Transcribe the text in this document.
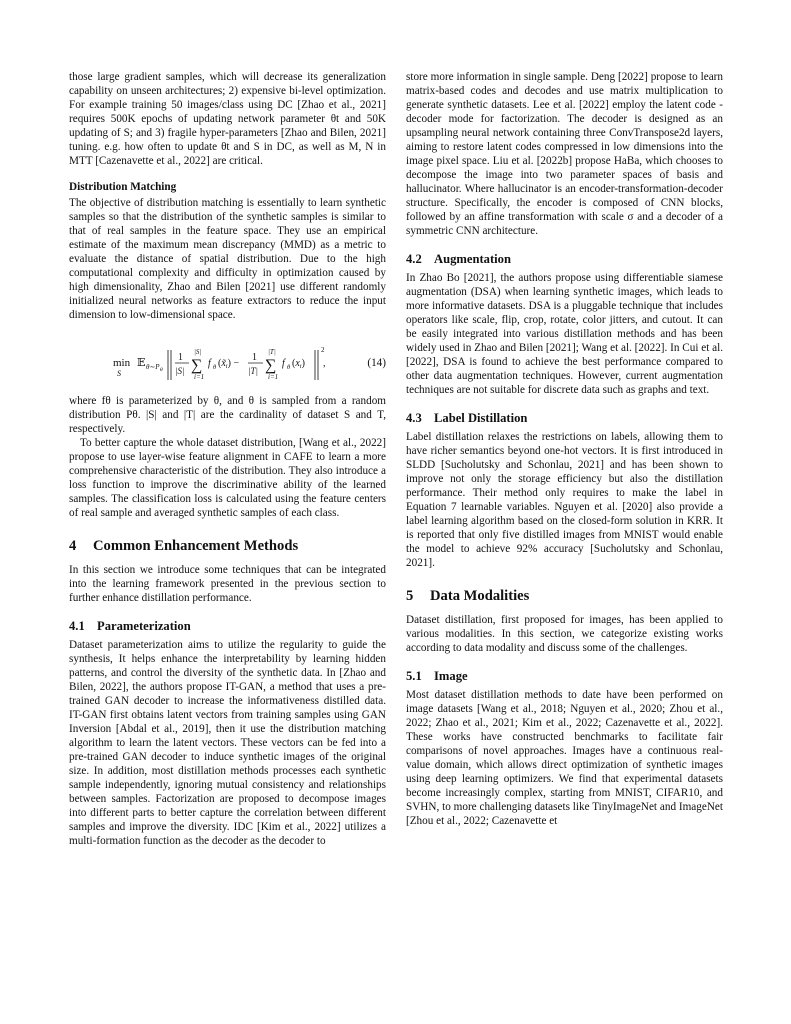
those large gradient samples, which will decrease its generalization capability on unseen architectures; 2) expensive bi-level optimization. For example training 50 images/class using DC [Zhao et al., 2021] requires 500K epochs of updating network parameter θt and 50K updating of S; and 3) fragile hyper-parameters [Zhao and Bilen, 2021] tuning. e.g. how often to update θt and S in DC, as well as M, N in MTT [Cazenavette et al., 2022] are critical.

Distribution Matching

The objective of distribution matching is essentially to learn synthetic samples so that the distribution of the synthetic samples is similar to that of real samples in the feature space. They use an empirical estimate of the maximum mean discrepancy (MMD) as a metric to evaluate the distance of spatial distribution. Due to the high computational complexity and difficulty in optimization caused by high dimensionality, Zhao and Bilen [2021] use different randomly initialized neural networks as feature extractors to reduce the input dimension to low-dimensional space.

min
S
𝔼 θ∼P θ
1
|S|
|S|
∑
i=1
f θ $(x̃_i)$ −
1
|T|
|T|
∑
i=1
f θ $(x_i)$
2
,	(14)

where fθ is parameterized by θ, and θ is sampled from a random distribution Pθ. |S| and |T| are the cardinality of dataset S and T, respectively.

To better capture the whole dataset distribution, [Wang et al., 2022] propose to use layer-wise feature alignment in CAFE to learn a more comprehensive characteristic of the distribution. They also introduce a loss function to improve the discriminative ability of the learned samples. The classification loss is calculated using the feature centers of real sample and averaged synthetic samples of each class.

4 Common Enhancement Methods

In this section we introduce some techniques that can be integrated into the learning framework presented in the previous section to further enhance distillation performance.

4.1 Parameterization

Dataset parameterization aims to utilize the regularity to guide the synthesis, It helps enhance the interpretability by learning hidden patterns, and control the diversity of the synthetic data. In [Zhao and Bilen, 2022], the authors propose IT-GAN, a method that uses a pre-trained GAN decoder to increase the informativeness distilled data. IT-GAN first obtains latent vectors from training samples using GAN Inversion [Abdal et al., 2019], then it use the distribution matching algorithm to learn the latent vectors. These vectors can be fed into a pre-trained GAN decoder to induce synthetic images of the original size. In addition, most distillation methods processes each synthetic sample independently, ignoring mutual consistency and relationships between samples. Factorization are proposed to decompose images into different parts to better capture the correlation between different samples and improve the diversity. IDC [Kim et al., 2022] utilizes a multi-formation function as the decoder as the decoder to

store more information in single sample. Deng [2022] propose to learn matrix-based codes and decodes and use matrix multiplication to generate synthetic datasets. Lee et al. [2022] employ the latent code - decoder mode for factorization. The decoder is designed as an upsampling neural network containing three ConvTranspose2d layers, aiming to restore latent codes compressed in low dimensions into the image pixel space. Liu et al. [2022b] propose HaBa, which chooses to decompose the image into two parameter spaces of basis and hallucinator. Where hallucinator is an encoder-transformation-decoder structure. Specifically, the encoder is composed of CNN blocks, followed by an affine transformation with scale σ and a decoder of a symmetric CNN architecture.

4.2 Augmentation

In Zhao Bo [2021], the authors propose using differentiable siamese augmentation (DSA) when learning synthetic images, which leads to more informative datasets. DSA is a pluggable technique that includes operators like scale, flip, crop, rotate, color jitters, and cutout. It can be easily integrated into various distillation methods and has been widely used in Zhao and Bilen [2021]; Wang et al. [2022]. In Cui et al. [2022], DSA is found to achieve the best performance compared to other data augmentation techniques. However, current augmentation techniques are not suitable for discrete data such as graphs and text.

4.3 Label Distillation

Label distillation relaxes the restrictions on labels, allowing them to have richer semantics beyond one-hot vectors. It is first introduced in SLDD [Sucholutsky and Schonlau, 2021] and has been shown to improve not only the storage efficiency but also the distillation performance. Their method only requires to make the label in Equation 7 learnable variables. Nguyen et al. [2020] also provide a label learning algorithm based on the closed-form solution in KRR. It is reported that only five distilled images from MNIST would enable the model to achieve 92% accuracy [Sucholutsky and Schonlau, 2021].

5 Data Modalities

Dataset distillation, first proposed for images, has been applied to various modalities. In this section, we categorize existing works according to data modality and discuss some of the challenges.

5.1 Image

Most dataset distillation methods to date have been performed on image datasets [Wang et al., 2018; Nguyen et al., 2020; Zhou et al., 2022; Zhao et al., 2021; Kim et al., 2022; Cazenavette et al., 2022]. These works have constructed benchmarks to facilitate fair comparisons of novel approaches. Images have a continuous real-value domain, which allows direct optimization of synthetic images using deep learning optimizers. We find that experimental datasets become increasingly complex, starting from MNIST, CIFAR10, and SVHN, to more challenging datasets like TinyImageNet and ImageNet [Zhou et al., 2022; Cazenavette et
